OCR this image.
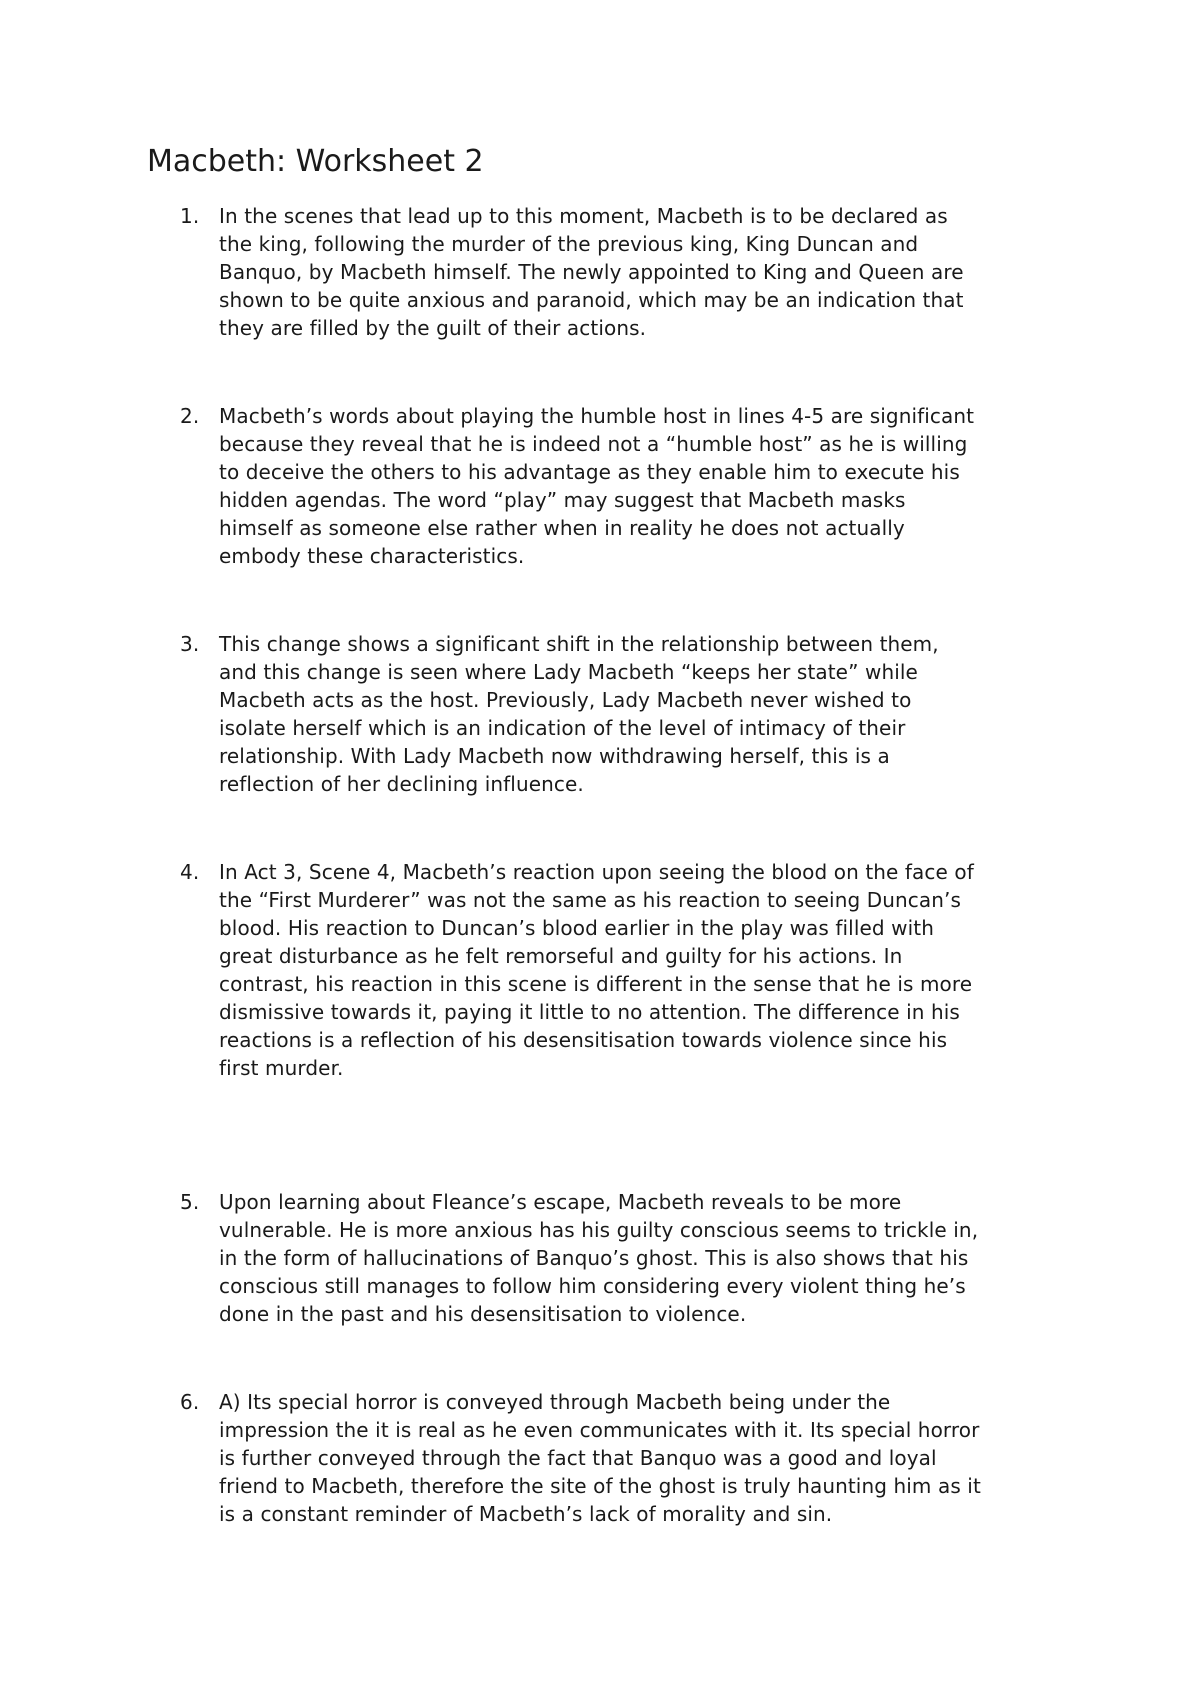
Macbeth: Worksheet 2
1. In the scenes that lead up to this moment, Macbeth is to be declared as
the king, following the murder of the previous king, King Duncan and
Banquo, by Macbeth himself. The newly appointed to King and Queen are
shown to be quite anxious and paranoid, which may be an indication that
they are filled by the guilt of their actions.
2. Macbeth’s words about playing the humble host in lines 4-5 are significant
because they reveal that he is indeed not a “humble host” as he is willing
to deceive the others to his advantage as they enable him to execute his
hidden agendas. The word “play” may suggest that Macbeth masks
himself as someone else rather when in reality he does not actually
embody these characteristics.
3. This change shows a significant shift in the relationship between them,
and this change is seen where Lady Macbeth “keeps her state” while
Macbeth acts as the host. Previously, Lady Macbeth never wished to
isolate herself which is an indication of the level of intimacy of their
relationship. With Lady Macbeth now withdrawing herself, this is a
reflection of her declining influence.
4. In Act 3, Scene 4, Macbeth’s reaction upon seeing the blood on the face of
the “First Murderer” was not the same as his reaction to seeing Duncan’s
blood. His reaction to Duncan’s blood earlier in the play was filled with
great disturbance as he felt remorseful and guilty for his actions. In
contrast, his reaction in this scene is different in the sense that he is more
dismissive towards it, paying it little to no attention. The difference in his
reactions is a reflection of his desensitisation towards violence since his
first murder.
5. Upon learning about Fleance’s escape, Macbeth reveals to be more
vulnerable. He is more anxious has his guilty conscious seems to trickle in,
in the form of hallucinations of Banquo’s ghost. This is also shows that his
conscious still manages to follow him considering every violent thing he’s
done in the past and his desensitisation to violence.
6. A) Its special horror is conveyed through Macbeth being under the
impression the it is real as he even communicates with it. Its special horror
is further conveyed through the fact that Banquo was a good and loyal
friend to Macbeth, therefore the site of the ghost is truly haunting him as it
is a constant reminder of Macbeth’s lack of morality and sin.
